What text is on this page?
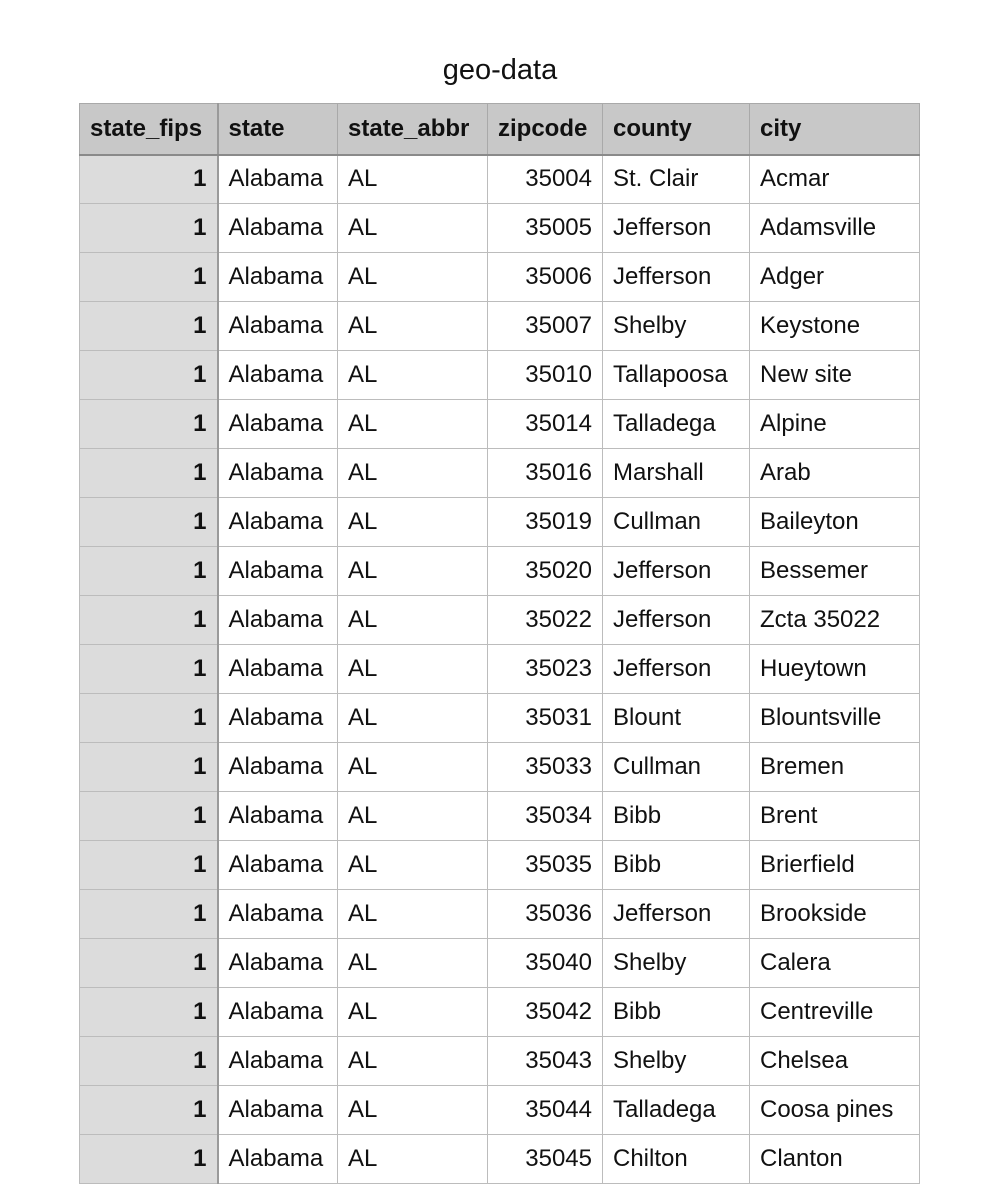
geo-data
state_fips	state	state_abbr	zipcode	county	city
1	Alabama	AL	35004	St. Clair	Acmar
1	Alabama	AL	35005	Jefferson	Adamsville
1	Alabama	AL	35006	Jefferson	Adger
1	Alabama	AL	35007	Shelby	Keystone
1	Alabama	AL	35010	Tallapoosa	New site
1	Alabama	AL	35014	Talladega	Alpine
1	Alabama	AL	35016	Marshall	Arab
1	Alabama	AL	35019	Cullman	Baileyton
1	Alabama	AL	35020	Jefferson	Bessemer
1	Alabama	AL	35022	Jefferson	Zcta 35022
1	Alabama	AL	35023	Jefferson	Hueytown
1	Alabama	AL	35031	Blount	Blountsville
1	Alabama	AL	35033	Cullman	Bremen
1	Alabama	AL	35034	Bibb	Brent
1	Alabama	AL	35035	Bibb	Brierfield
1	Alabama	AL	35036	Jefferson	Brookside
1	Alabama	AL	35040	Shelby	Calera
1	Alabama	AL	35042	Bibb	Centreville
1	Alabama	AL	35043	Shelby	Chelsea
1	Alabama	AL	35044	Talladega	Coosa pines
1	Alabama	AL	35045	Chilton	Clanton
